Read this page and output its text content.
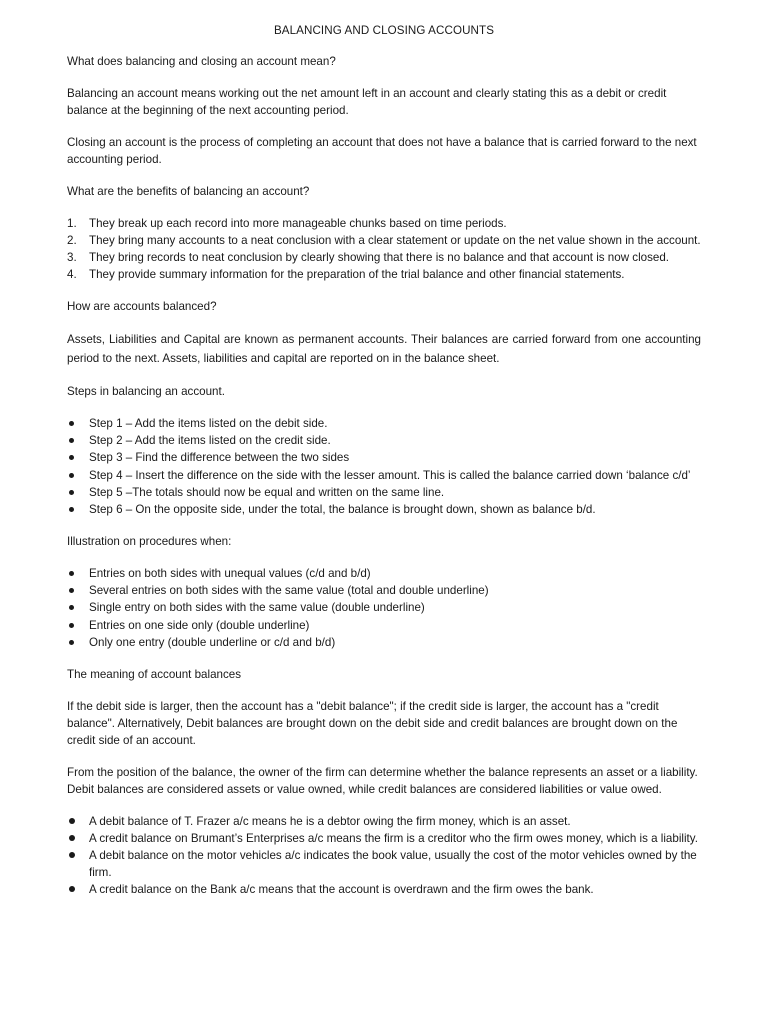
BALANCING AND CLOSING ACCOUNTS

What does balancing and closing an account mean?

Balancing an account means working out the net amount left in an account and clearly stating this as a debit or credit balance at the beginning of the next accounting period.

Closing an account is the process of completing an account that does not have a balance that is carried forward to the next accounting period.

What are the benefits of balancing an account?

1.	They break up each record into more manageable chunks based on time periods.
2.	They bring many accounts to a neat conclusion with a clear statement or update on the net value shown in the account.
3.	They bring records to neat conclusion by clearly showing that there is no balance and that account is now closed.
4.	They provide summary information for the preparation of the trial balance and other financial statements.

How are accounts balanced?

Assets, Liabilities and Capital are known as permanent accounts. Their balances are carried forward from one accounting period to the next. Assets, liabilities and capital are reported on in the balance sheet.

Steps in balancing an account.

Step 1 – Add the items listed on the debit side.
Step 2 – Add the items listed on the credit side.
Step 3 – Find the difference between the two sides
Step 4 – Insert the difference on the side with the lesser amount. This is called the balance carried down ‘balance c/d’
Step 5 –The totals should now be equal and written on the same line.
Step 6 – On the opposite side, under the total, the balance is brought down, shown as balance b/d.

Illustration on procedures when:

Entries on both sides with unequal values (c/d and b/d)
Several entries on both sides with the same value (total and double underline)
Single entry on both sides with the same value (double underline)
Entries on one side only (double underline)
Only one entry (double underline or c/d and b/d)

The meaning of account balances

If the debit side is larger, then the account has a "debit balance"; if the credit side is larger, the account has a "credit balance". Alternatively, Debit balances are brought down on the debit side and credit balances are brought down on the credit side of an account.

From the position of the balance, the owner of the firm can determine whether the balance represents an asset or a liability. Debit balances are considered assets or value owned, while credit balances are considered liabilities or value owed.

A debit balance of T. Frazer a/c means he is a debtor owing the firm money, which is an asset.
A credit balance on Brumant’s Enterprises a/c means the firm is a creditor who the firm owes money, which is a liability.
A debit balance on the motor vehicles a/c indicates the book value, usually the cost of the motor vehicles owned by the firm.
A credit balance on the Bank a/c means that the account is overdrawn and the firm owes the bank.
